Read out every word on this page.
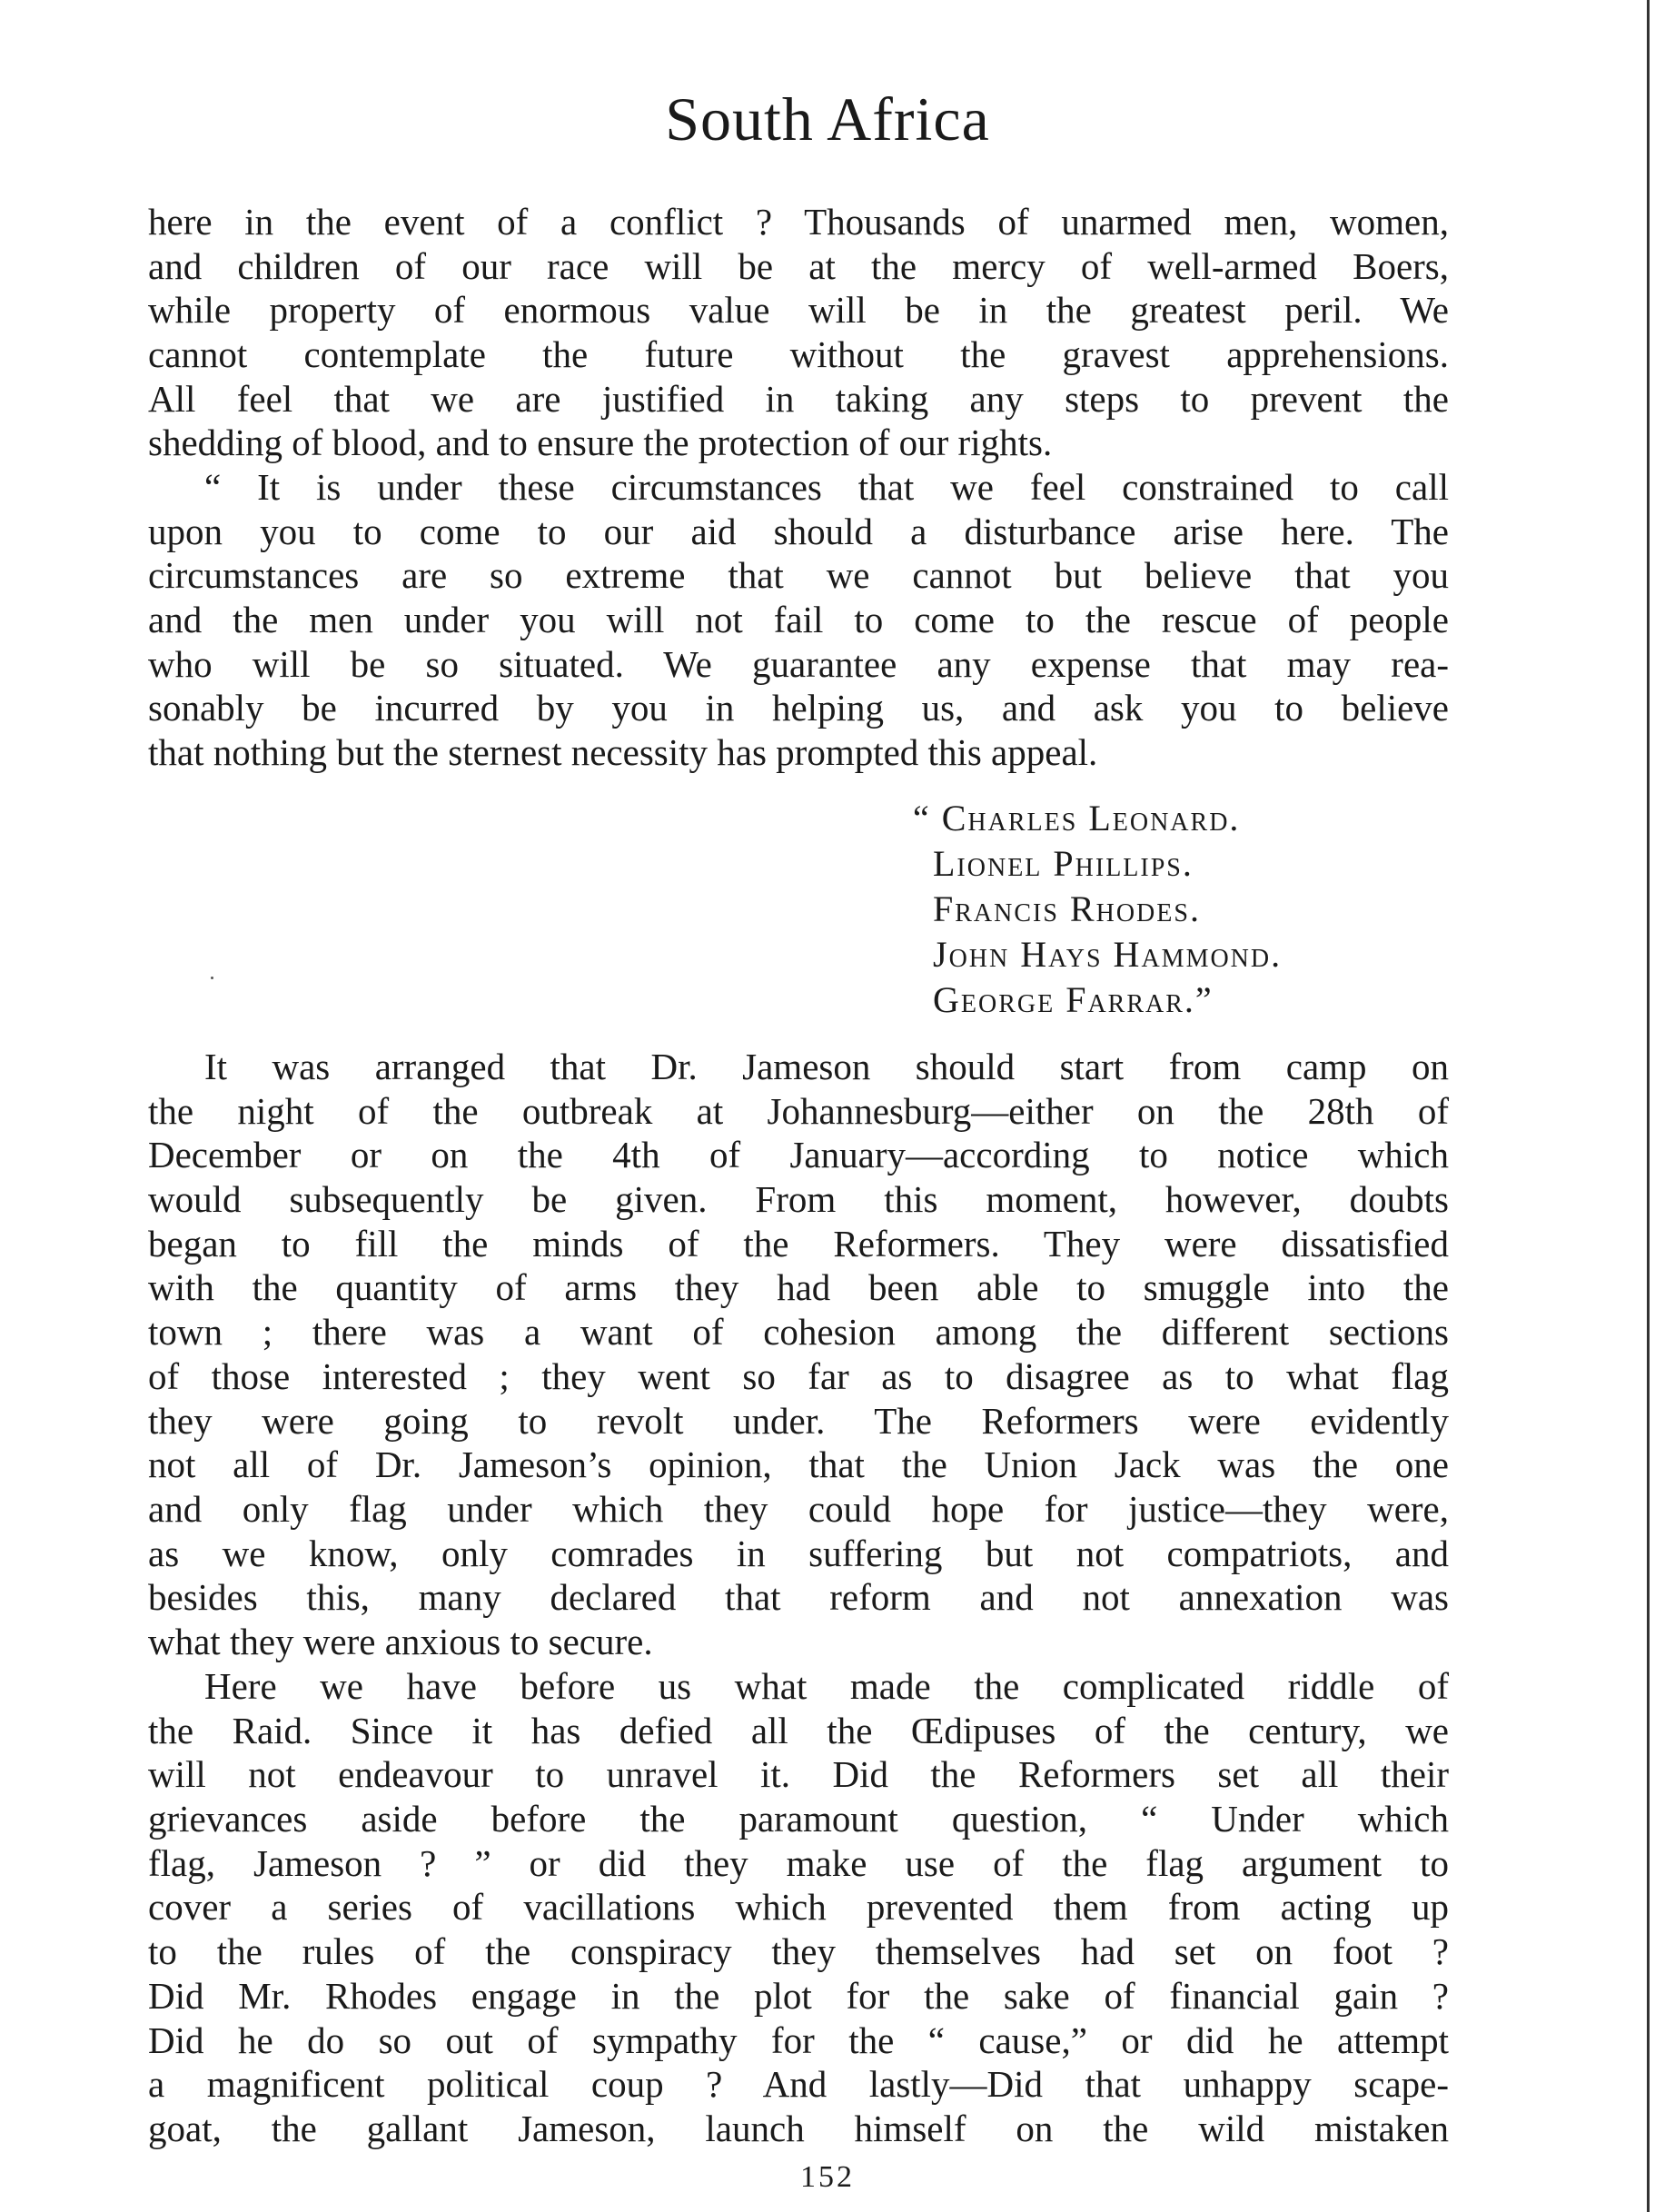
South Africa
here in the event of a conflict ? Thousands of unarmed men, women,
and children of our race will be at the mercy of well-armed Boers,
while property of enormous value will be in the greatest peril. We
cannot contemplate the future without the gravest apprehensions.
All feel that we are justified in taking any steps to prevent the
shedding of blood, and to ensure the protection of our rights.
“ It is under these circumstances that we feel constrained to call
upon you to come to our aid should a disturbance arise here. The
circumstances are so extreme that we cannot but believe that you
and the men under you will not fail to come to the rescue of people
who will be so situated. We guarantee any expense that may rea-
sonably be incurred by you in helping us, and ask you to believe
that nothing but the sternest necessity has prompted this appeal.
“ Charles Leonard.
Lionel Phillips.
Francis Rhodes.
John Hays Hammond.
George Farrar.”
It was arranged that Dr. Jameson should start from camp on
the night of the outbreak at Johannesburg—either on the 28th of
December or on the 4th of January—according to notice which
would subsequently be given. From this moment, however, doubts
began to fill the minds of the Reformers. They were dissatisfied
with the quantity of arms they had been able to smuggle into the
town ; there was a want of cohesion among the different sections
of those interested ; they went so far as to disagree as to what flag
they were going to revolt under. The Reformers were evidently
not all of Dr. Jameson’s opinion, that the Union Jack was the one
and only flag under which they could hope for justice—they were,
as we know, only comrades in suffering but not compatriots, and
besides this, many declared that reform and not annexation was
what they were anxious to secure.
Here we have before us what made the complicated riddle of
the Raid. Since it has defied all the Œdipuses of the century, we
will not endeavour to unravel it. Did the Reformers set all their
grievances aside before the paramount question, “ Under which
flag, Jameson ? ” or did they make use of the flag argument to
cover a series of vacillations which prevented them from acting up
to the rules of the conspiracy they themselves had set on foot ?
Did Mr. Rhodes engage in the plot for the sake of financial gain ?
Did he do so out of sympathy for the “ cause,” or did he attempt
a magnificent political coup ? And lastly—Did that unhappy scape-
goat, the gallant Jameson, launch himself on the wild mistaken
152
